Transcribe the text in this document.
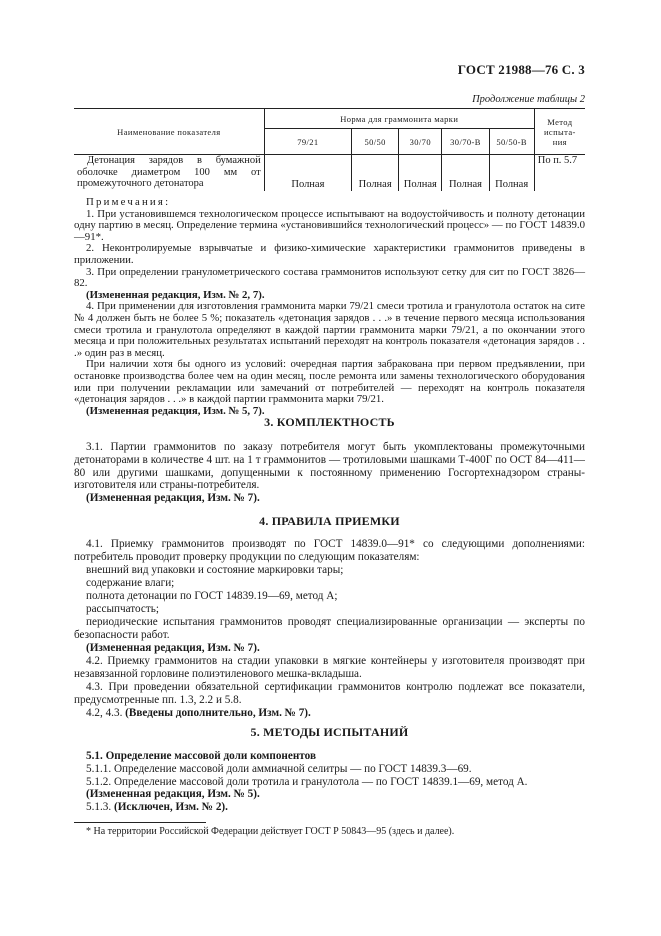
ГОСТ 21988—76 С. 3
Продолжение таблицы 2
Наименование показателя	Норма для граммонита марки					Метод испыта-ния
	79/21	50/50	30/70	30/70-В	50/50-В	
Детонация зарядов в бумажной оболочке диаметром 100 мм от промежуточного детонатора	Полная	Полная	Полная	Полная	Полная	По п. 5.7

Примечания:

1. При установившемся технологическом процессе испытывают на водоустойчивость и полноту детонации одну партию в месяц. Определение термина «установившийся технологический процесс» — по ГОСТ 14839.0—91*.

2. Неконтролируемые взрывчатые и физико-химические характеристики граммонитов приведены в приложении.

3. При определении гранулометрического состава граммонитов используют сетку для сит по ГОСТ 3826—82.

(Измененная редакция, Изм. № 2, 7).

4. При применении для изготовления граммонита марки 79/21 смеси тротила и гранулотола остаток на сите № 4 должен быть не более 5 %; показатель «детонация зарядов . . .» в течение первого месяца использования смеси тротила и гранулотола определяют в каждой партии граммонита марки 79/21, а по окончании этого месяца и при положительных результатах испытаний переходят на контроль показателя «детонация зарядов . . .» один раз в месяц.

При наличии хотя бы одного из условий: очередная партия забракована при первом предъявлении, при остановке производства более чем на один месяц, после ремонта или замены технологического оборудования или при получении рекламации или замечаний от потребителей — переходят на контроль показателя «детонация зарядов . . .» в каждой партии граммонита марки 79/21.

(Измененная редакция, Изм. № 5, 7).

3. КОМПЛЕКТНОСТЬ

3.1. Партии граммонитов по заказу потребителя могут быть укомплектованы промежуточными детонаторами в количестве 4 шт. на 1 т граммонитов — тротиловыми шашками Т-400Г по ОСТ 84—411—80 или другими шашками, допущенными к постоянному применению Госгортехнадзором страны-изготовителя или страны-потребителя.

(Измененная редакция, Изм. № 7).

4. ПРАВИЛА ПРИЕМКИ

4.1. Приемку граммонитов производят по ГОСТ 14839.0—91* со следующими дополнениями: потребитель проводит проверку продукции по следующим показателям:

внешний вид упаковки и состояние маркировки тары;

содержание влаги;

полнота детонации по ГОСТ 14839.19—69, метод А;

рассыпчатость;

периодические испытания граммонитов проводят специализированные организации — эксперты по безопасности работ.

(Измененная редакция, Изм. № 7).

4.2. Приемку граммонитов на стадии упаковки в мягкие контейнеры у изготовителя производят при незавязанной горловине полиэтиленового мешка-вкладыша.

4.3. При проведении обязательной сертификации граммонитов контролю подлежат все показатели, предусмотренные пп. 1.3, 2.2 и 5.8.

4.2, 4.3. (Введены дополнительно, Изм. № 7).

5. МЕТОДЫ ИСПЫТАНИЙ

5.1. Определение массовой доли компонентов

5.1.1. Определение массовой доли аммиачной селитры — по ГОСТ 14839.3—69.

5.1.2. Определение массовой доли тротила и гранулотола — по ГОСТ 14839.1—69, метод А.

(Измененная редакция, Изм. № 5).

5.1.3. (Исключен, Изм. № 2).

* На территории Российской Федерации действует ГОСТ Р 50843—95 (здесь и далее).
